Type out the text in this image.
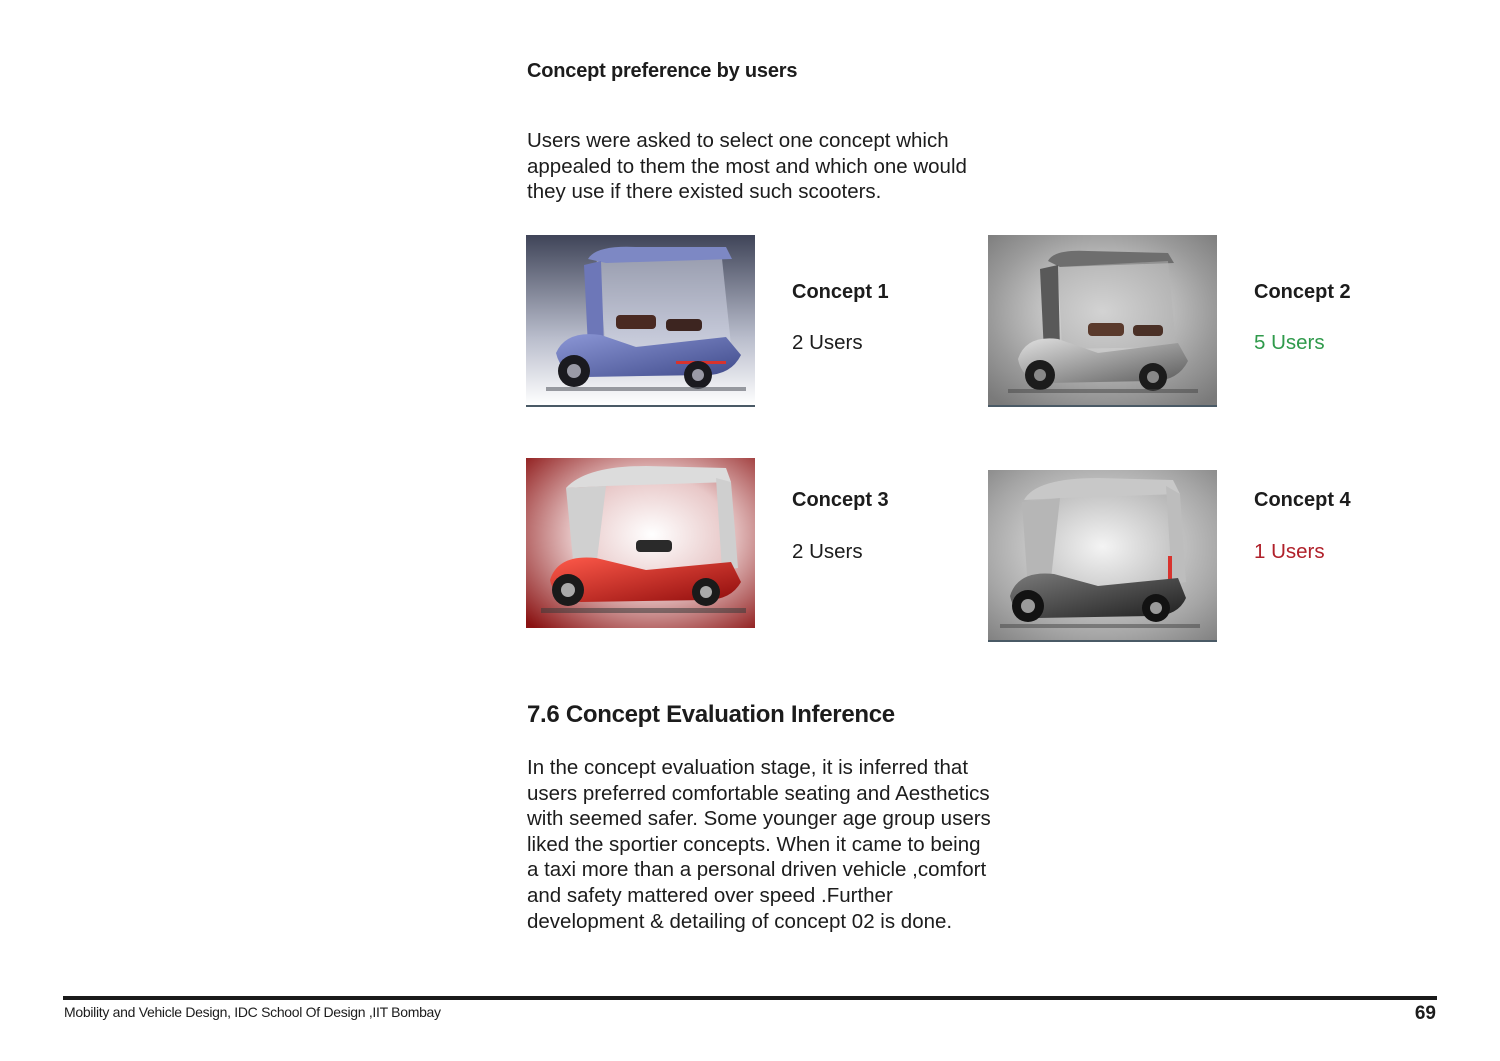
Concept preference by users
Users were asked to select one concept which appealed to them the most and which one would they use if there existed such scooters.
Concept 1
2 Users
Concept 2
5 Users
Concept 3
2 Users
Concept 4
1 Users
7.6 Concept Evaluation Inference
In the concept evaluation stage, it is inferred that users preferred comfortable seating and Aesthetics with seemed safer. Some younger age group users liked the sportier concepts. When it came to being a taxi more than a personal driven vehicle ,comfort and safety mattered over speed .Further development & detailing of concept 02 is done.
Mobility and Vehicle Design, IDC School Of Design ,IIT Bombay	69
